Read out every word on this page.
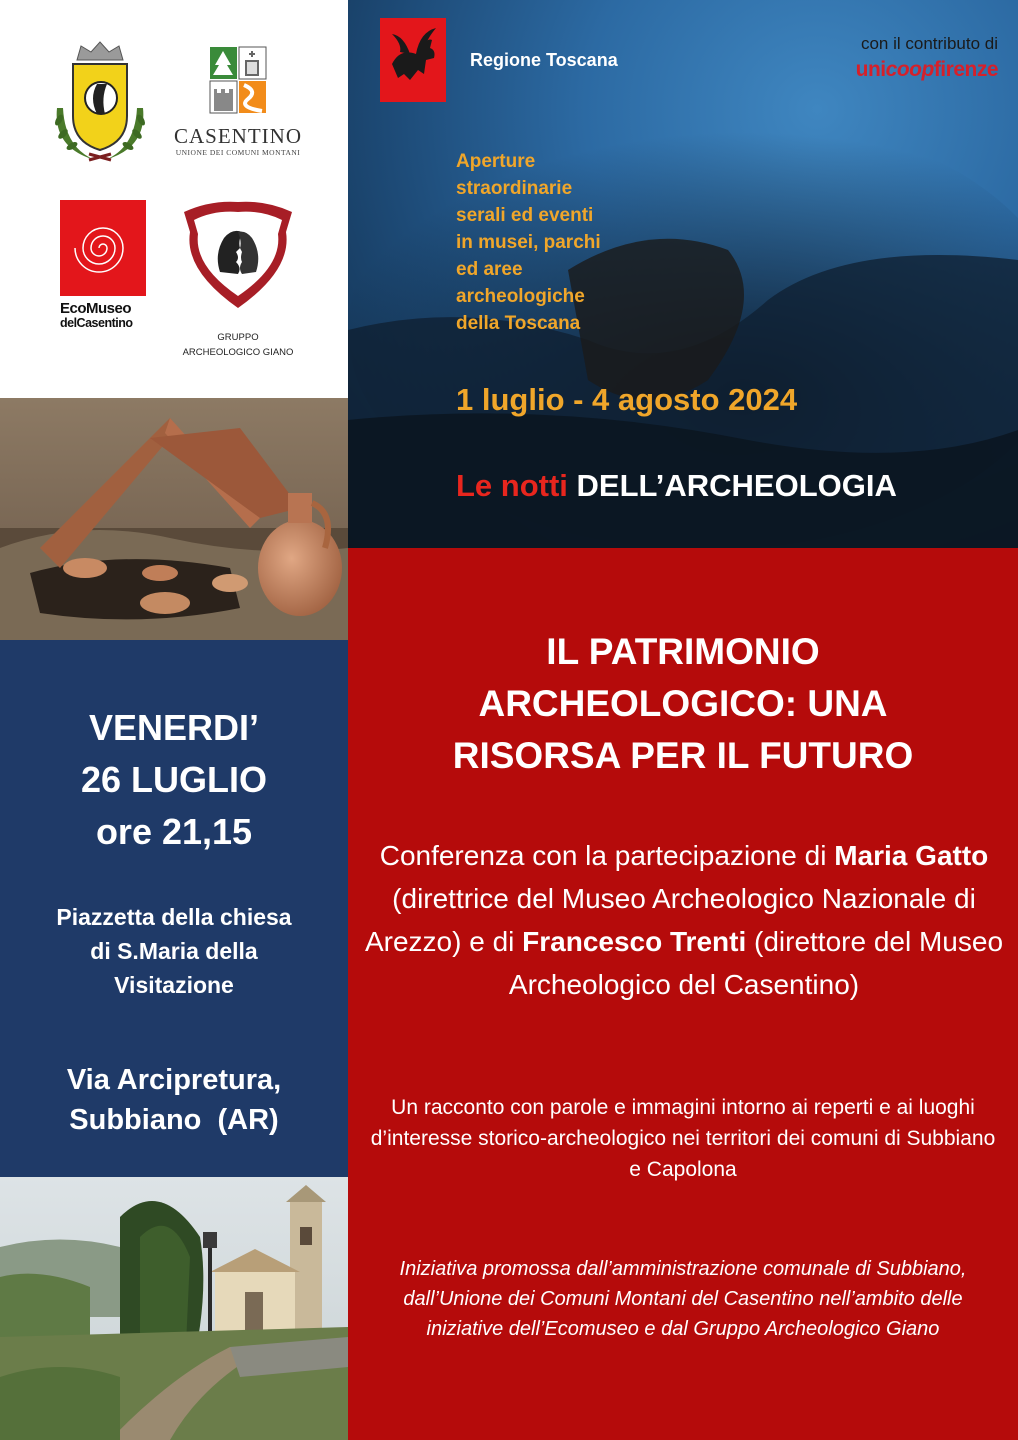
CASENTINO
UNIONE DEI COMUNI MONTANI
EcoMuseo
delCasentino
GRUPPO
ARCHEOLOGICO GIANO
VENERDI’
26 LUGLIO
ore 21,15
Piazzetta della chiesa
di S.Maria della
Visitazione
Via Arcipretura,
Subbiano  (AR)
Regione Toscana
con il contributo di
unicoopfirenze
Aperture
straordinarie
serali ed eventi
in musei, parchi
ed aree
archeologiche
della Toscana
1 luglio - 4 agosto 2024
Le notti DELL’ARCHEOLOGIA
IL PATRIMONIO
ARCHEOLOGICO: UNA
RISORSA PER IL FUTURO
Conferenza con la partecipazione di Maria Gatto (direttrice del Museo Archeologico Nazionale di Arezzo) e di Francesco Trenti (direttore del Museo Archeologico del Casentino)
Un racconto con parole e immagini intorno ai reperti e ai luoghi d’interesse storico-archeologico nei territori dei comuni di Subbiano e Capolona
Iniziativa promossa dall’amministrazione comunale di Subbiano, dall’Unione dei Comuni Montani del Casentino nell’ambito delle iniziative dell’Ecomuseo e dal Gruppo Archeologico Giano
